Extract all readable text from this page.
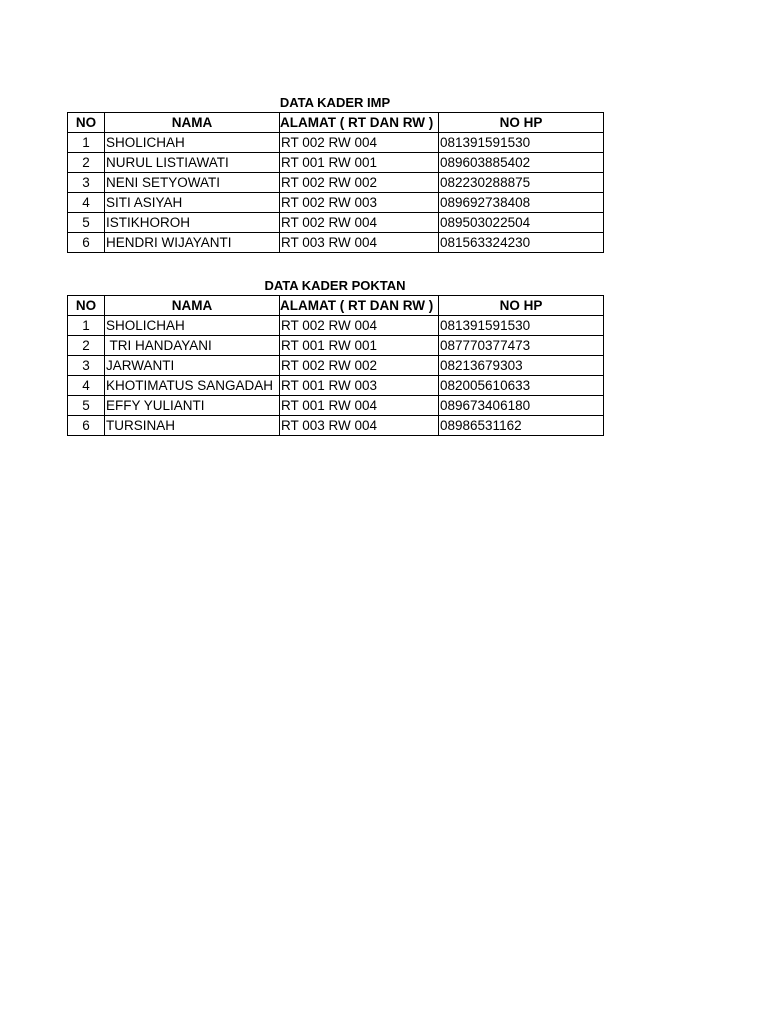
DATA KADER IMP
NO	NAMA	ALAMAT ( RT DAN RW )	NO HP
1	SHOLICHAH	RT 002 RW 004	081391591530
2	NURUL LISTIAWATI	RT 001 RW 001	089603885402
3	NENI SETYOWATI	RT 002 RW 002	082230288875
4	SITI ASIYAH	RT 002 RW 003	089692738408
5	ISTIKHOROH	RT 002 RW 004	089503022504
6	HENDRI WIJAYANTI	RT 003 RW 004	081563324230
DATA KADER POKTAN
NO	NAMA	ALAMAT ( RT DAN RW )	NO HP
1	SHOLICHAH	RT 002 RW 004	081391591530
2	TRI HANDAYANI	RT 001 RW 001	087770377473
3	JARWANTI	RT 002 RW 002	08213679303
4	KHOTIMATUS SANGADAH	RT 001 RW 003	082005610633
5	EFFY YULIANTI	RT 001 RW 004	089673406180
6	TURSINAH	RT 003 RW 004	08986531162
